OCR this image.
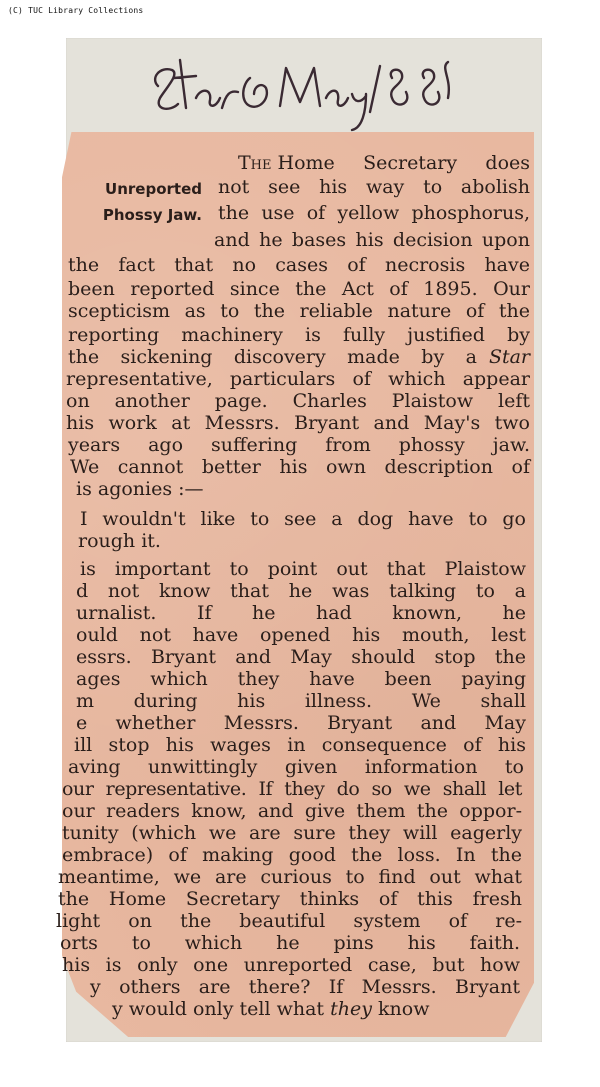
(C) TUC Library Collections
Unreported
Phossy Jaw.
The Home Secretary does
not see his way to abolish
the use of yellow phosphorus,
and he bases his decision upon
the fact that no cases of necrosis have
been reported since the Act of 1895. Our
scepticism as to the reliable nature of the
reporting machinery is fully justified by
the sickening discovery made by a Star
representative, particulars of which appear
on another page. Charles Plaistow left
his work at Messrs. Bryant and May's two
years ago suffering from phossy jaw.
We cannot better his own description of
is agonies :—
I wouldn't like to see a dog have to go
rough it.
is important to point out that Plaistow
d not know that he was talking to a
urnalist. If he had known, he
ould not have opened his mouth, lest
essrs. Bryant and May should stop the
ages which they have been paying
m during his illness. We shall
e whether Messrs. Bryant and May
ill stop his wages in consequence of his
aving unwittingly given information to
our representative. If they do so we shall let
our readers know, and give them the oppor-
tunity (which we are sure they will eagerly
embrace) of making good the loss. In the
meantime, we are curious to find out what
the Home Secretary thinks of this fresh
light on the beautiful system of re-
orts to which he pins his faith.
his is only one unreported case, but how
y others are there? If Messrs. Bryant
y would only tell what they know
